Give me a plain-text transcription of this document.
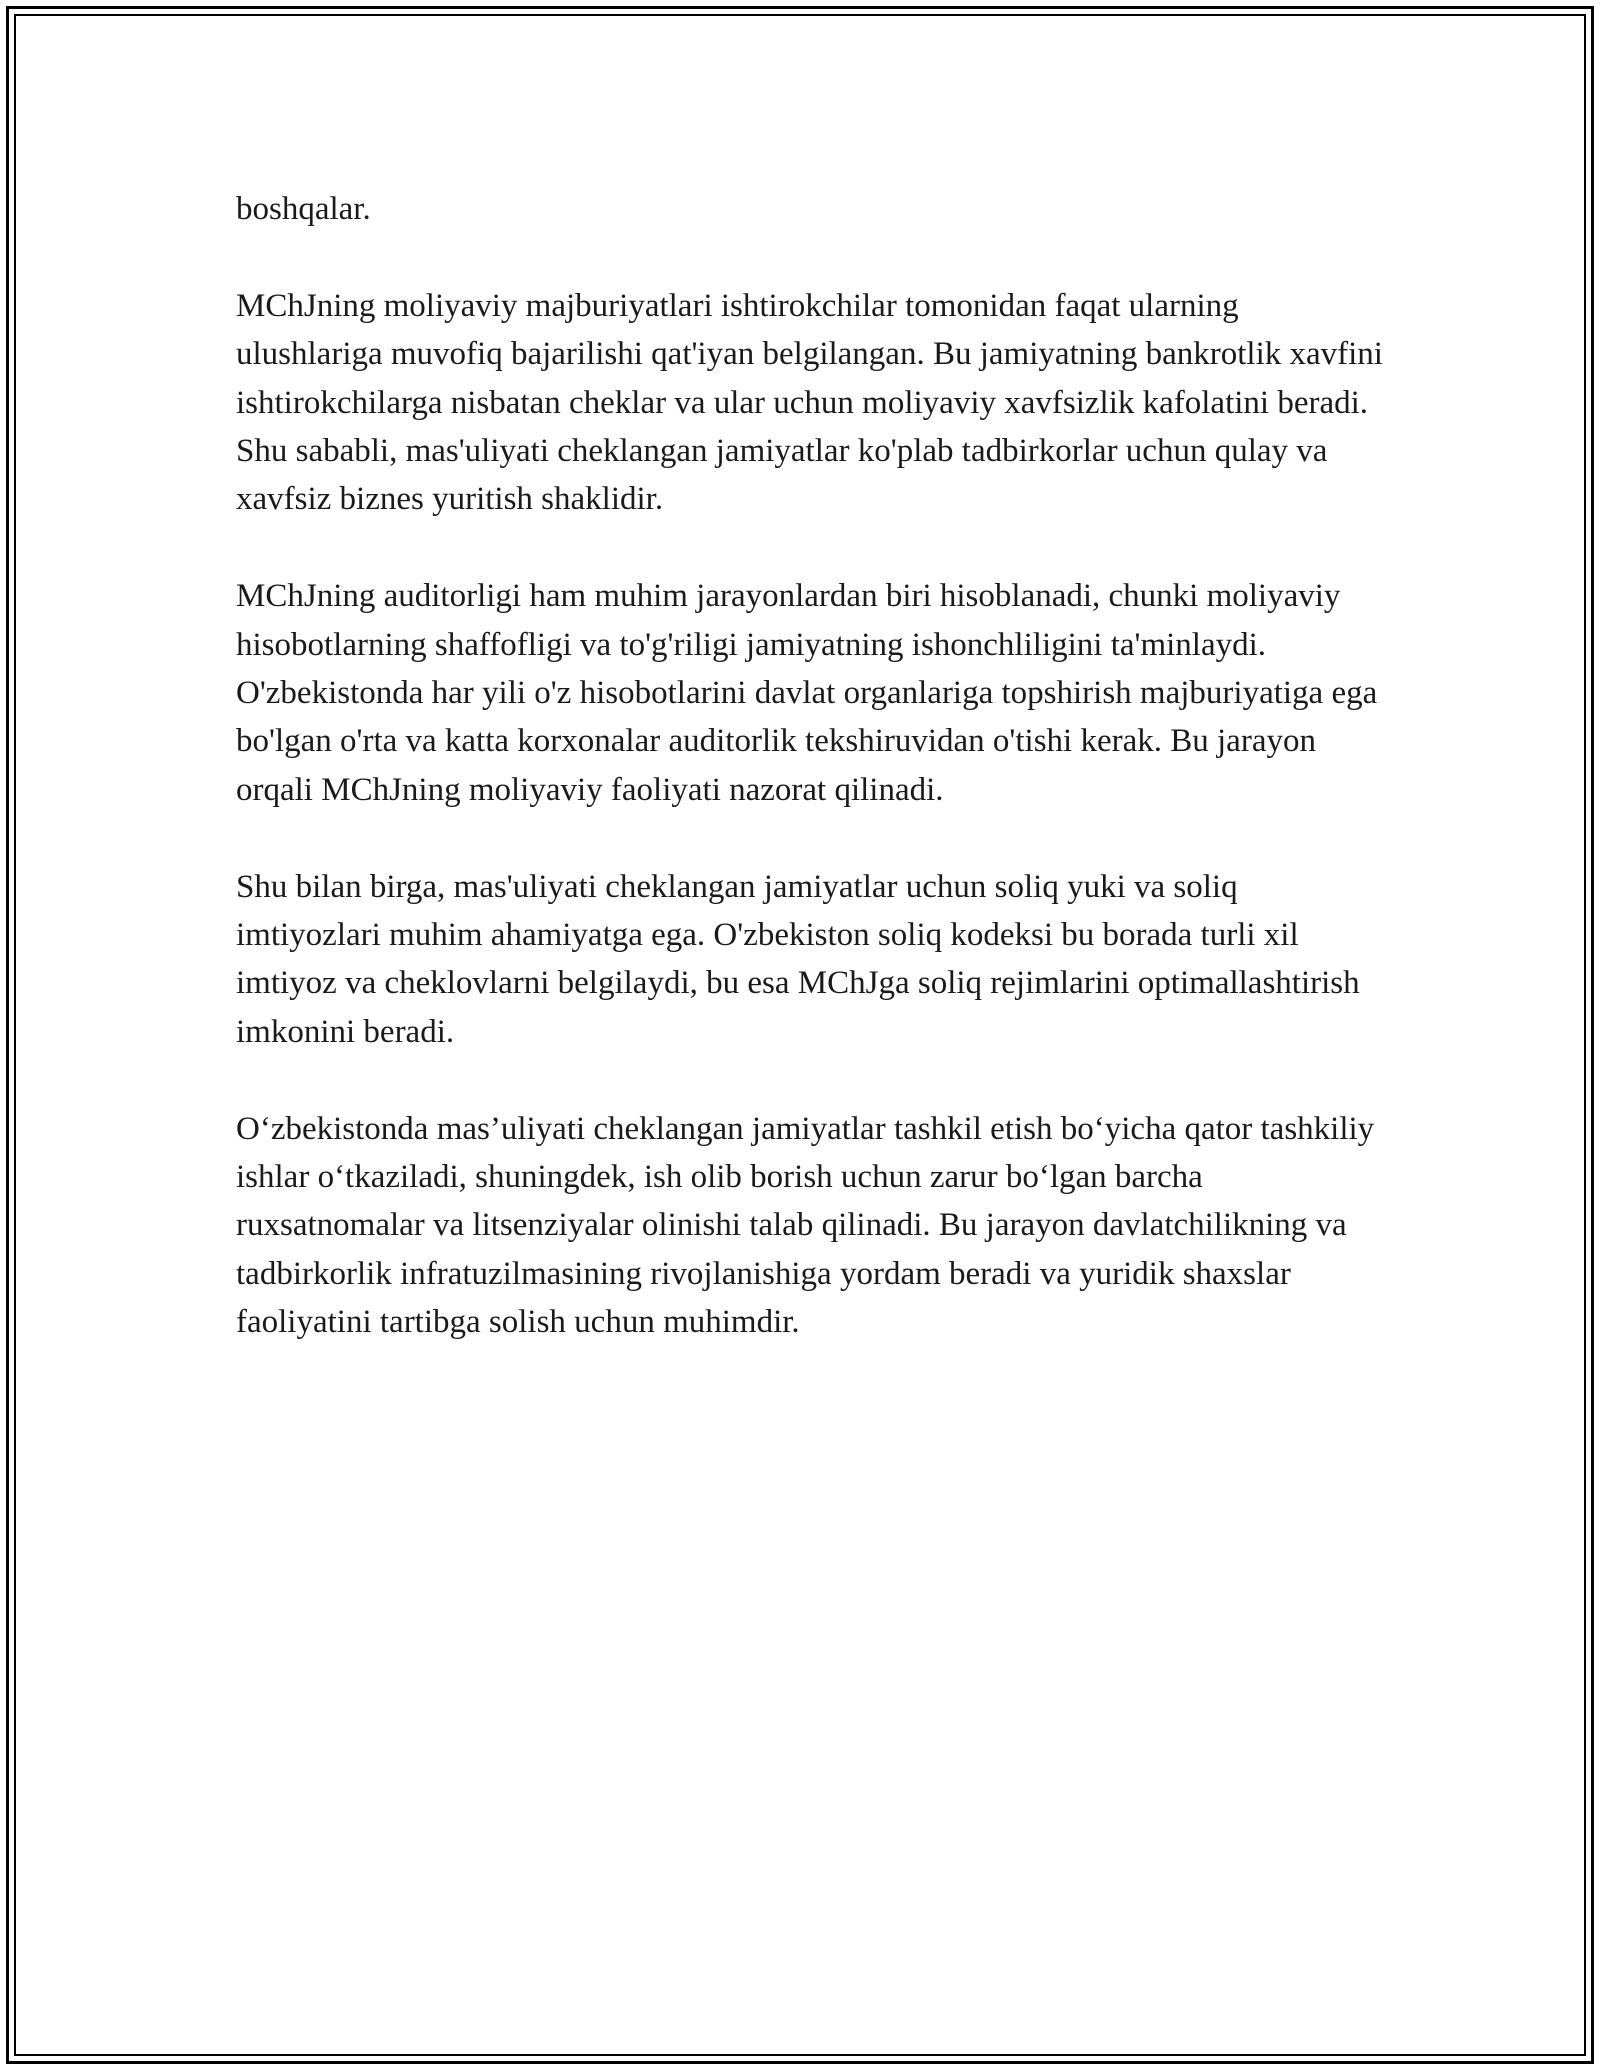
boshqalar.

MChJning moliyaviy majburiyatlari ishtirokchilar tomonidan faqat ularning ulushlariga muvofiq bajarilishi qat'iyan belgilangan. Bu jamiyatning bankrotlik xavfini ishtirokchilarga nisbatan cheklar va ular uchun moliyaviy xavfsizlik kafolatini beradi. Shu sababli, mas'uliyati cheklangan jamiyatlar ko'plab tadbirkorlar uchun qulay va xavfsiz biznes yuritish shaklidir.

MChJning auditorligi ham muhim jarayonlardan biri hisoblanadi, chunki moliyaviy hisobotlarning shaffofligi va to'g'riligi jamiyatning ishonchliligini ta'minlaydi. O'zbekistonda har yili o'z hisobotlarini davlat organlariga topshirish majburiyatiga ega bo'lgan o'rta va katta korxonalar auditorlik tekshiruvidan o'tishi kerak. Bu jarayon orqali MChJning moliyaviy faoliyati nazorat qilinadi.

Shu bilan birga, mas'uliyati cheklangan jamiyatlar uchun soliq yuki va soliq imtiyozlari muhim ahamiyatga ega. O'zbekiston soliq kodeksi bu borada turli xil imtiyoz va cheklovlarni belgilaydi, bu esa MChJga soliq rejimlarini optimallashtirish imkonini beradi.

O‘zbekistonda mas’uliyati cheklangan jamiyatlar tashkil etish bo‘yicha qator tashkiliy ishlar o‘tkaziladi, shuningdek, ish olib borish uchun zarur bo‘lgan barcha ruxsatnomalar va litsenziyalar olinishi talab qilinadi. Bu jarayon davlatchilikning va tadbirkorlik infratuzilmasining rivojlanishiga yordam beradi va yuridik shaxslar faoliyatini tartibga solish uchun muhimdir.
